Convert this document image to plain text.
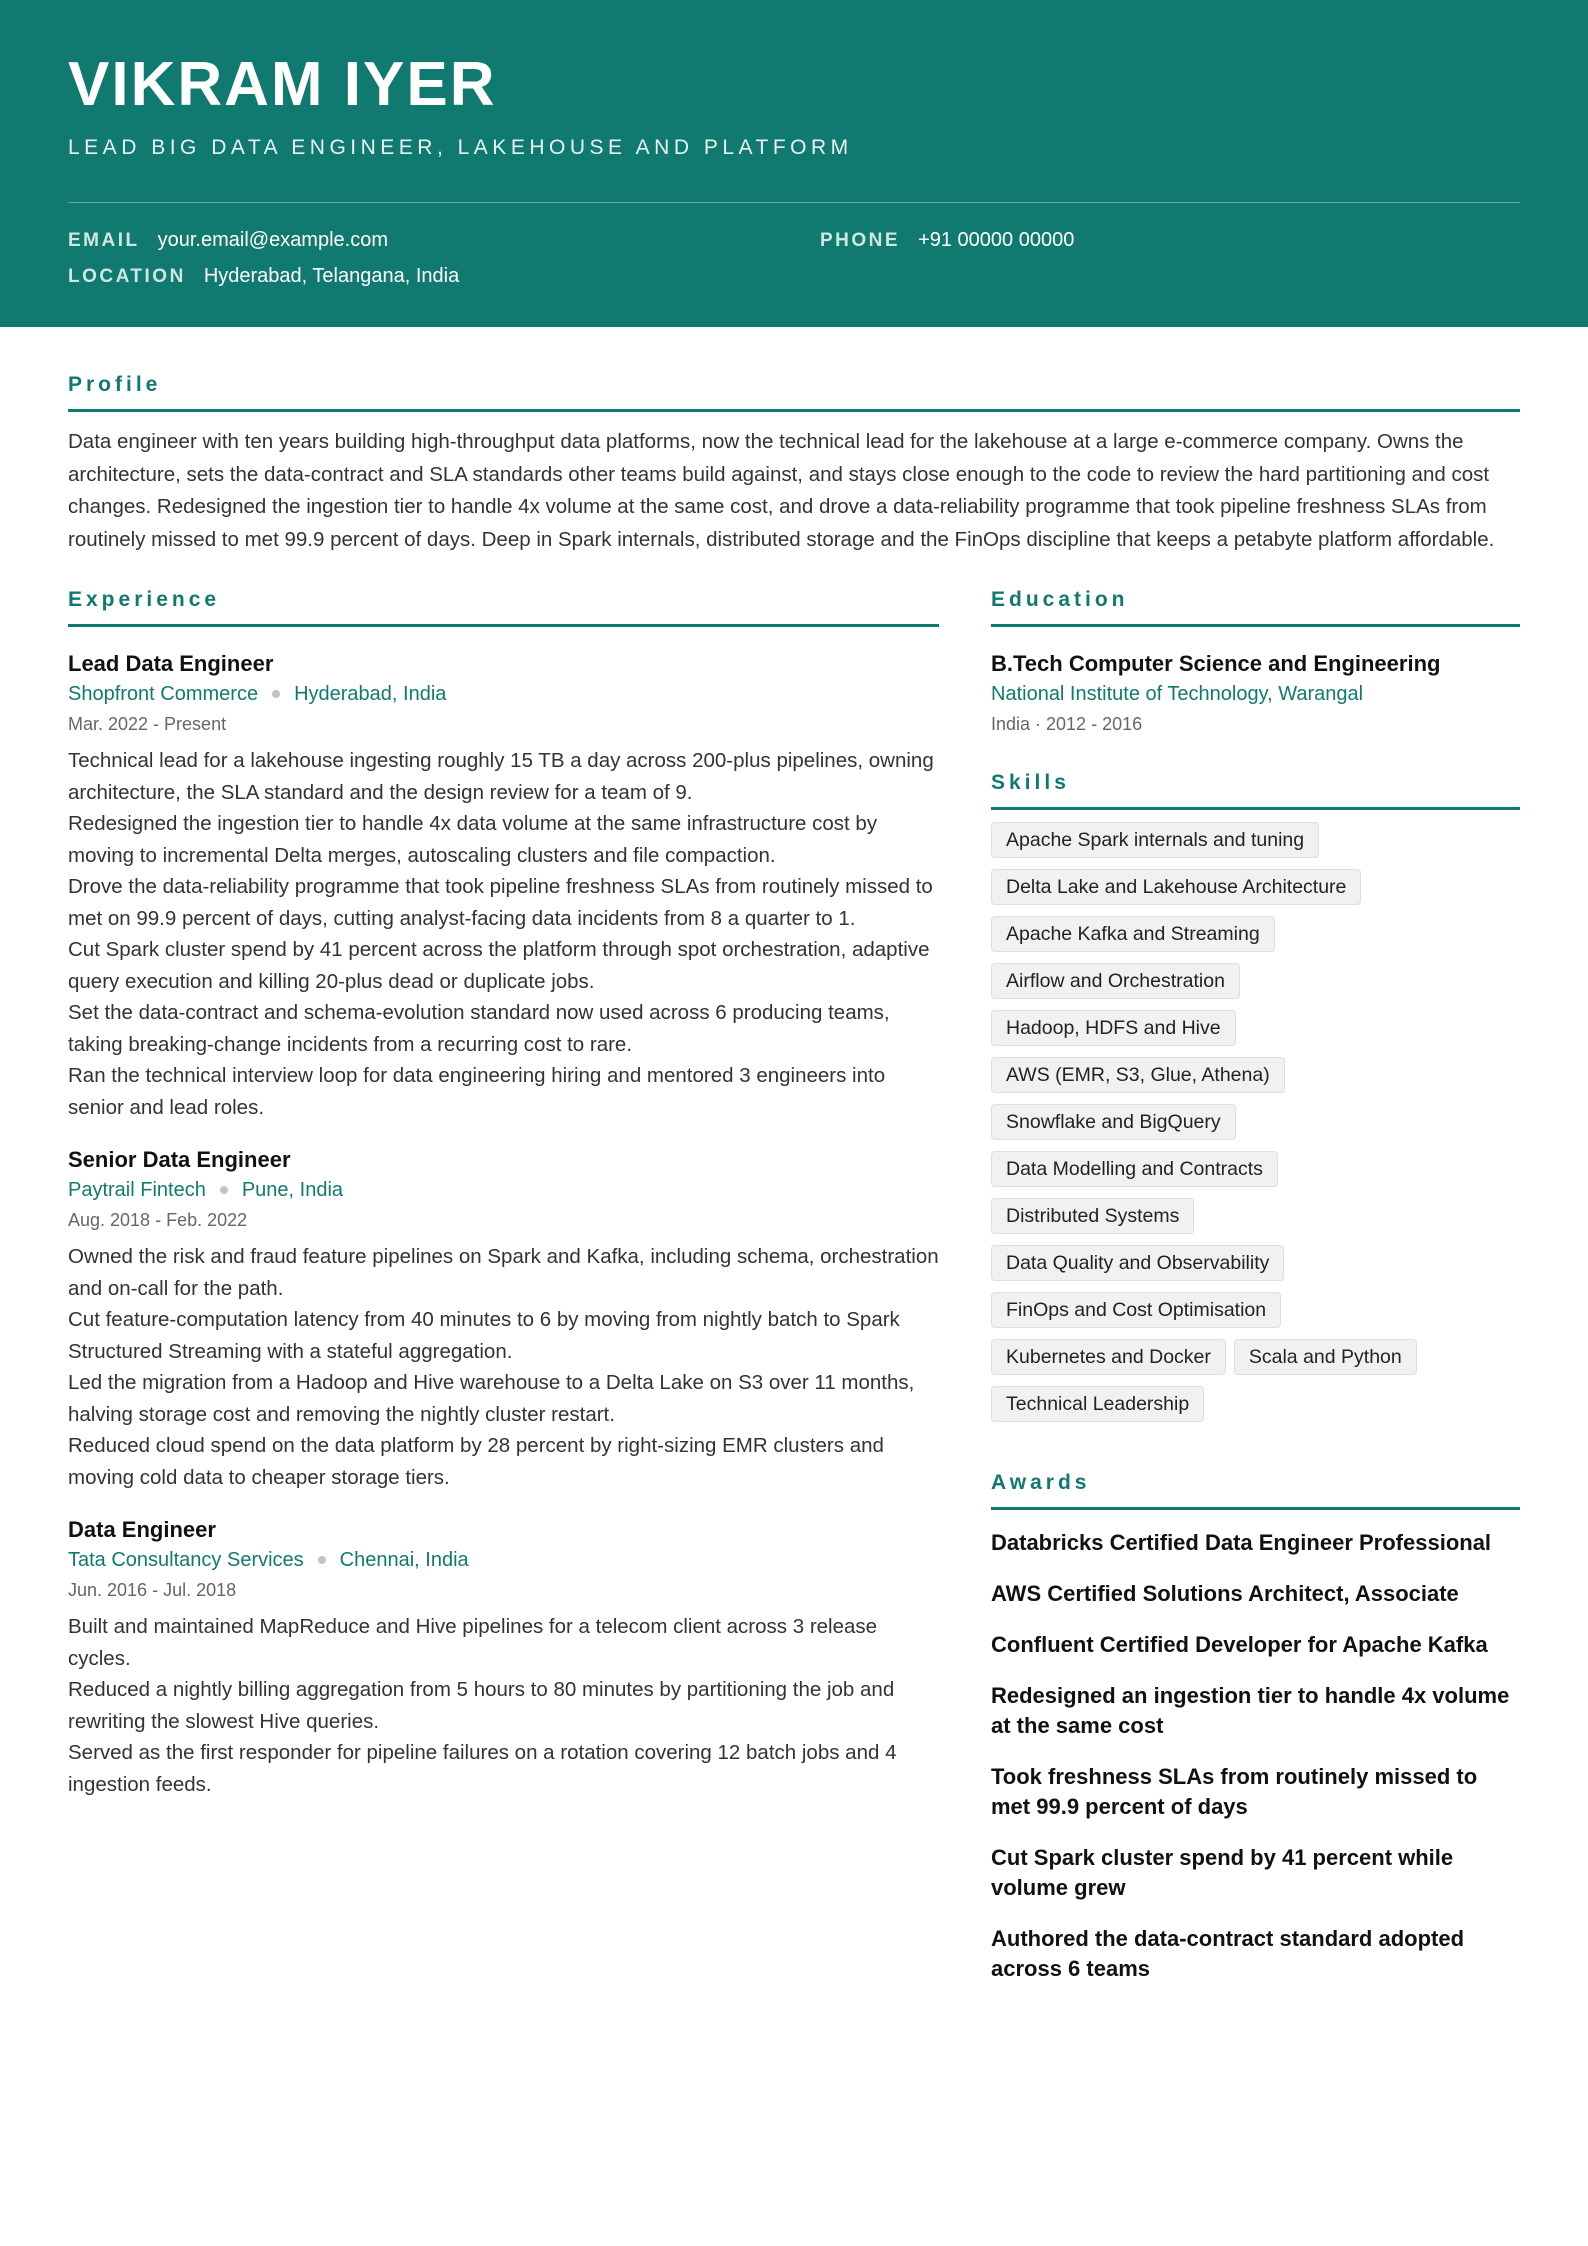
VIKRAM IYER
LEAD BIG DATA ENGINEER, LAKEHOUSE AND PLATFORM
EMAIL your.email@example.com	PHONE +91 00000 00000
LOCATION Hyderabad, Telangana, India
Profile
Data engineer with ten years building high-throughput data platforms, now the technical lead for the lakehouse at a large e-commerce company. Owns the architecture, sets the data-contract and SLA standards other teams build against, and stays close enough to the code to review the hard partitioning and cost changes. Redesigned the ingestion tier to handle 4x volume at the same cost, and drove a data-reliability programme that took pipeline freshness SLAs from routinely missed to met 99.9 percent of days. Deep in Spark internals, distributed storage and the FinOps discipline that keeps a petabyte platform affordable.
Experience
Lead Data Engineer
Shopfront Commerce Hyderabad, India
Mar. 2022 - Present
Technical lead for a lakehouse ingesting roughly 15 TB a day across 200-plus pipelines, owning architecture, the SLA standard and the design review for a team of 9.
Redesigned the ingestion tier to handle 4x data volume at the same infrastructure cost by moving to incremental Delta merges, autoscaling clusters and file compaction.
Drove the data-reliability programme that took pipeline freshness SLAs from routinely missed to met on 99.9 percent of days, cutting analyst-facing data incidents from 8 a quarter to 1.
Cut Spark cluster spend by 41 percent across the platform through spot orchestration, adaptive query execution and killing 20-plus dead or duplicate jobs.
Set the data-contract and schema-evolution standard now used across 6 producing teams, taking breaking-change incidents from a recurring cost to rare.
Ran the technical interview loop for data engineering hiring and mentored 3 engineers into senior and lead roles.
Senior Data Engineer
Paytrail Fintech Pune, India
Aug. 2018 - Feb. 2022
Owned the risk and fraud feature pipelines on Spark and Kafka, including schema, orchestration and on-call for the path.
Cut feature-computation latency from 40 minutes to 6 by moving from nightly batch to Spark Structured Streaming with a stateful aggregation.
Led the migration from a Hadoop and Hive warehouse to a Delta Lake on S3 over 11 months, halving storage cost and removing the nightly cluster restart.
Reduced cloud spend on the data platform by 28 percent by right-sizing EMR clusters and moving cold data to cheaper storage tiers.
Data Engineer
Tata Consultancy Services Chennai, India
Jun. 2016 - Jul. 2018
Built and maintained MapReduce and Hive pipelines for a telecom client across 3 release cycles.
Reduced a nightly billing aggregation from 5 hours to 80 minutes by partitioning the job and rewriting the slowest Hive queries.
Served as the first responder for pipeline failures on a rotation covering 12 batch jobs and 4 ingestion feeds.
Education
B.Tech Computer Science and Engineering
National Institute of Technology, Warangal
India · 2012 - 2016
Skills
Apache Spark internals and tuning
Delta Lake and Lakehouse Architecture
Apache Kafka and Streaming
Airflow and Orchestration
Hadoop, HDFS and Hive
AWS (EMR, S3, Glue, Athena)
Snowflake and BigQuery
Data Modelling and Contracts
Distributed Systems
Data Quality and Observability
FinOps and Cost Optimisation
Kubernetes and Docker	Scala and Python
Technical Leadership
Awards
Databricks Certified Data Engineer Professional
AWS Certified Solutions Architect, Associate
Confluent Certified Developer for Apache Kafka
Redesigned an ingestion tier to handle 4x volume at the same cost
Took freshness SLAs from routinely missed to met 99.9 percent of days
Cut Spark cluster spend by 41 percent while volume grew
Authored the data-contract standard adopted across 6 teams
